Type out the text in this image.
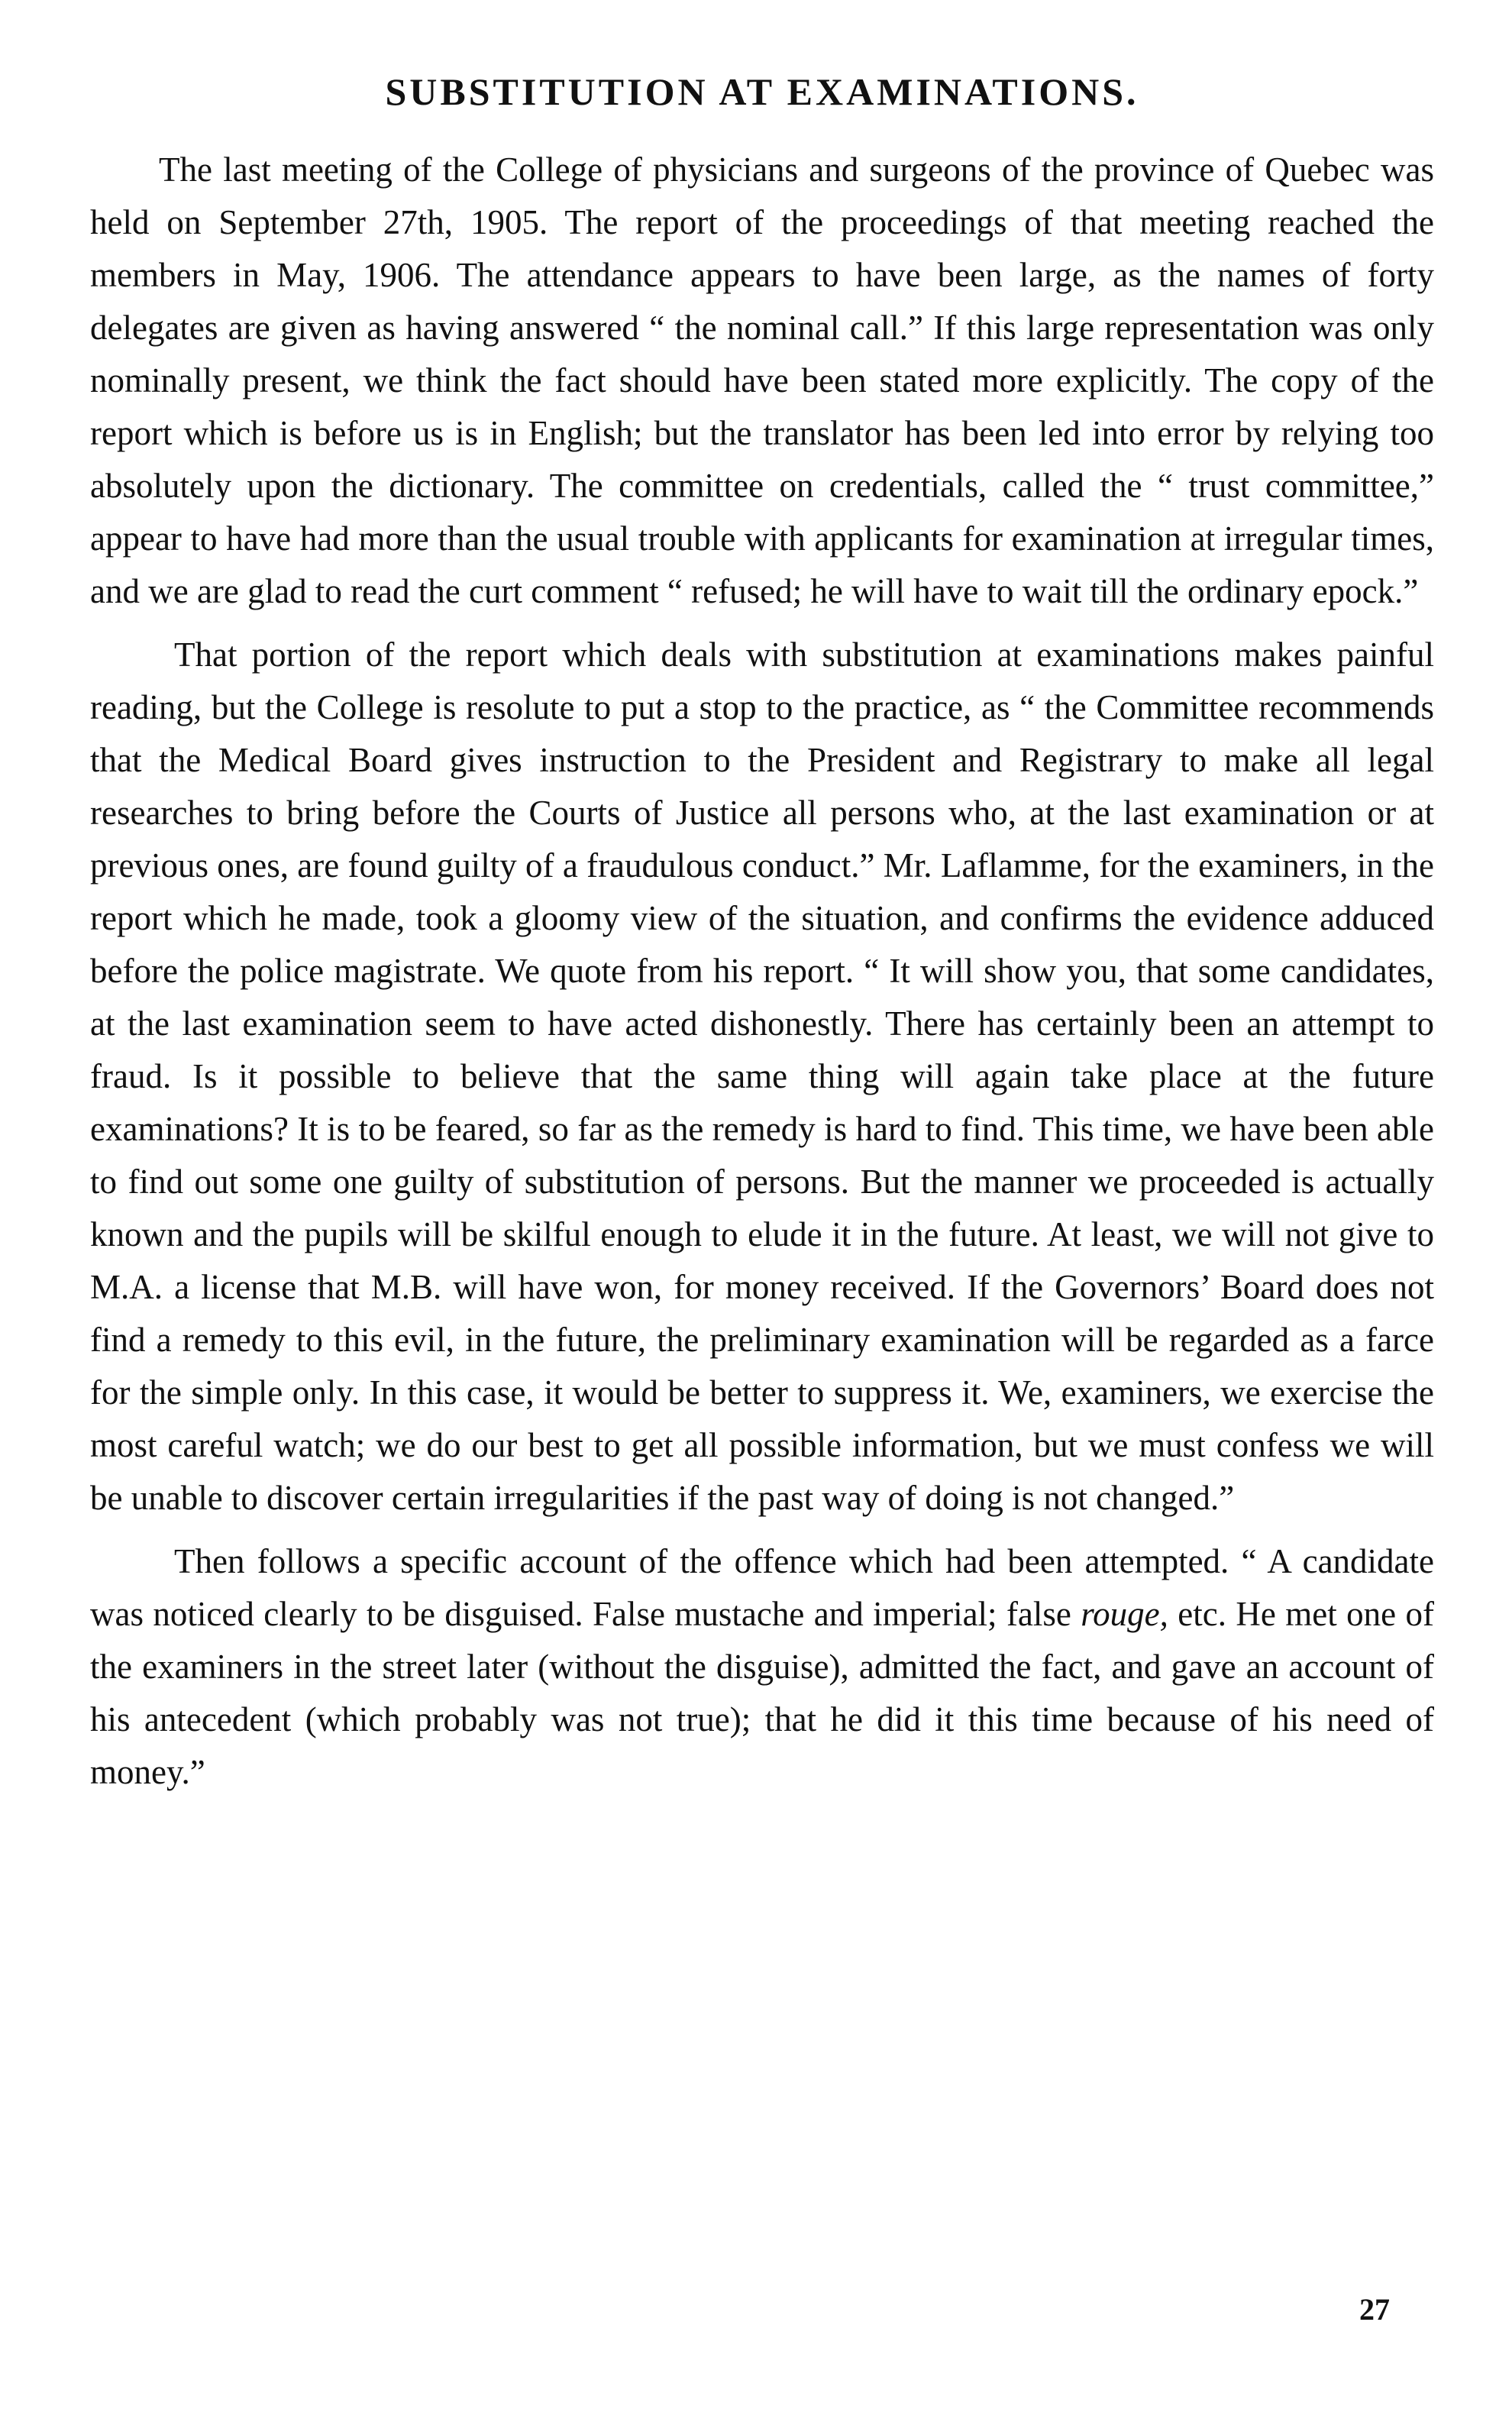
SUBSTITUTION AT EXAMINATIONS.

The last meeting of the College of physicians and surgeons of the province of Quebec was held on September 27th, 1905. The report of the proceedings of that meeting reached the members in May, 1906. The attendance appears to have been large, as the names of forty delegates are given as having answered “ the nominal call.” If this large representation was only nominally present, we think the fact should have been stated more explicitly. The copy of the report which is before us is in English; but the translator has been led into error by relying too absolutely upon the dictionary. The committee on credentials, called the “ trust committee,” appear to have had more than the usual trouble with applicants for examination at irregular times, and we are glad to read the curt comment “ refused; he will have to wait till the ordinary epock.”

That portion of the report which deals with substitution at examinations makes painful reading, but the College is resolute to put a stop to the practice, as “ the Committee recommends that the Medical Board gives instruction to the President and Registrary to make all legal researches to bring before the Courts of Justice all persons who, at the last examination or at previous ones, are found guilty of a fraudulous conduct.” Mr. Laflamme, for the examiners, in the report which he made, took a gloomy view of the situation, and confirms the evidence adduced before the police magistrate. We quote from his report. “ It will show you, that some candidates, at the last examination seem to have acted dishonestly. There has certainly been an attempt to fraud. Is it possible to believe that the same thing will again take place at the future examinations? It is to be feared, so far as the remedy is hard to find. This time, we have been able to find out some one guilty of substitution of persons. But the manner we proceeded is actually known and the pupils will be skilful enough to elude it in the future. At least, we will not give to M.A. a license that M.B. will have won, for money received. If the Governors’ Board does not find a remedy to this evil, in the future, the preliminary examination will be regarded as a farce for the simple only. In this case, it would be better to suppress it. We, examiners, we exercise the most careful watch; we do our best to get all possible information, but we must confess we will be unable to discover certain irregularities if the past way of doing is not changed.”

Then follows a specific account of the offence which had been attempted. “ A candidate was noticed clearly to be disguised. False mustache and imperial; false rouge, etc. He met one of the examiners in the street later (without the disguise), admitted the fact, and gave an account of his antecedent (which probably was not true); that he did it this time because of his need of money.”

27
